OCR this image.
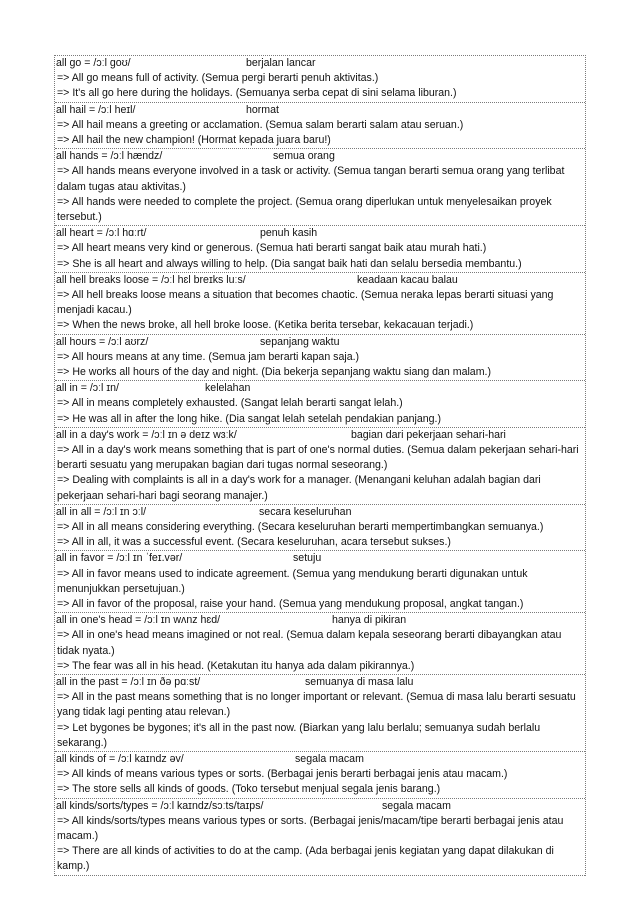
all go = /ɔːl ɡoʊ/	berjalan lancar
=> All go means full of activity. (Semua pergi berarti penuh aktivitas.)
=> It's all go here during the holidays. (Semuanya serba cepat di sini selama liburan.)
all hail = /ɔːl heɪl/	hormat
=> All hail means a greeting or acclamation. (Semua salam berarti salam atau seruan.)
=> All hail the new champion! (Hormat kepada juara baru!)
all hands = /ɔːl hændz/	semua orang
=> All hands means everyone involved in a task or activity. (Semua tangan berarti semua orang yang terlibat dalam tugas atau aktivitas.)
=> All hands were needed to complete the project. (Semua orang diperlukan untuk menyelesaikan proyek tersebut.)
all heart = /ɔːl hɑːrt/	penuh kasih
=> All heart means very kind or generous. (Semua hati berarti sangat baik atau murah hati.)
=> She is all heart and always willing to help. (Dia sangat baik hati dan selalu bersedia membantu.)
all hell breaks loose = /ɔːl hɛl breɪks luːs/	keadaan kacau balau
=> All hell breaks loose means a situation that becomes chaotic. (Semua neraka lepas berarti situasi yang menjadi kacau.)
=> When the news broke, all hell broke loose. (Ketika berita tersebar, kekacauan terjadi.)
all hours = /ɔːl aʊrz/	sepanjang waktu
=> All hours means at any time. (Semua jam berarti kapan saja.)
=> He works all hours of the day and night. (Dia bekerja sepanjang waktu siang dan malam.)
all in = /ɔːl ɪn/	kelelahan
=> All in means completely exhausted. (Sangat lelah berarti sangat lelah.)
=> He was all in after the long hike. (Dia sangat lelah setelah pendakian panjang.)
all in a day's work = /ɔːl ɪn ə deɪz wɜːk/	bagian dari pekerjaan sehari-hari
=> All in a day's work means something that is part of one's normal duties. (Semua dalam pekerjaan sehari-hari berarti sesuatu yang merupakan bagian dari tugas normal seseorang.)
=> Dealing with complaints is all in a day's work for a manager. (Menangani keluhan adalah bagian dari pekerjaan sehari-hari bagi seorang manajer.)
all in all = /ɔːl ɪn ɔːl/	secara keseluruhan
=> All in all means considering everything. (Secara keseluruhan berarti mempertimbangkan semuanya.)
=> All in all, it was a successful event. (Secara keseluruhan, acara tersebut sukses.)
all in favor = /ɔːl ɪn ˈfeɪ.vər/	setuju
=> All in favor means used to indicate agreement. (Semua yang mendukung berarti digunakan untuk menunjukkan persetujuan.)
=> All in favor of the proposal, raise your hand. (Semua yang mendukung proposal, angkat tangan.)
all in one's head = /ɔːl ɪn wʌnz hɛd/	hanya di pikiran
=> All in one's head means imagined or not real. (Semua dalam kepala seseorang berarti dibayangkan atau tidak nyata.)
=> The fear was all in his head. (Ketakutan itu hanya ada dalam pikirannya.)
all in the past = /ɔːl ɪn ðə pɑːst/	semuanya di masa lalu
=> All in the past means something that is no longer important or relevant. (Semua di masa lalu berarti sesuatu yang tidak lagi penting atau relevan.)
=> Let bygones be bygones; it's all in the past now. (Biarkan yang lalu berlalu; semuanya sudah berlalu sekarang.)
all kinds of = /ɔːl kaɪndz əv/	segala macam
=> All kinds of means various types or sorts. (Berbagai jenis berarti berbagai jenis atau macam.)
=> The store sells all kinds of goods. (Toko tersebut menjual segala jenis barang.)
all kinds/sorts/types = /ɔːl kaɪndz/sɔːts/taɪps/	segala macam
=> All kinds/sorts/types means various types or sorts. (Berbagai jenis/macam/tipe berarti berbagai jenis atau macam.)
=> There are all kinds of activities to do at the camp. (Ada berbagai jenis kegiatan yang dapat dilakukan di kamp.)
